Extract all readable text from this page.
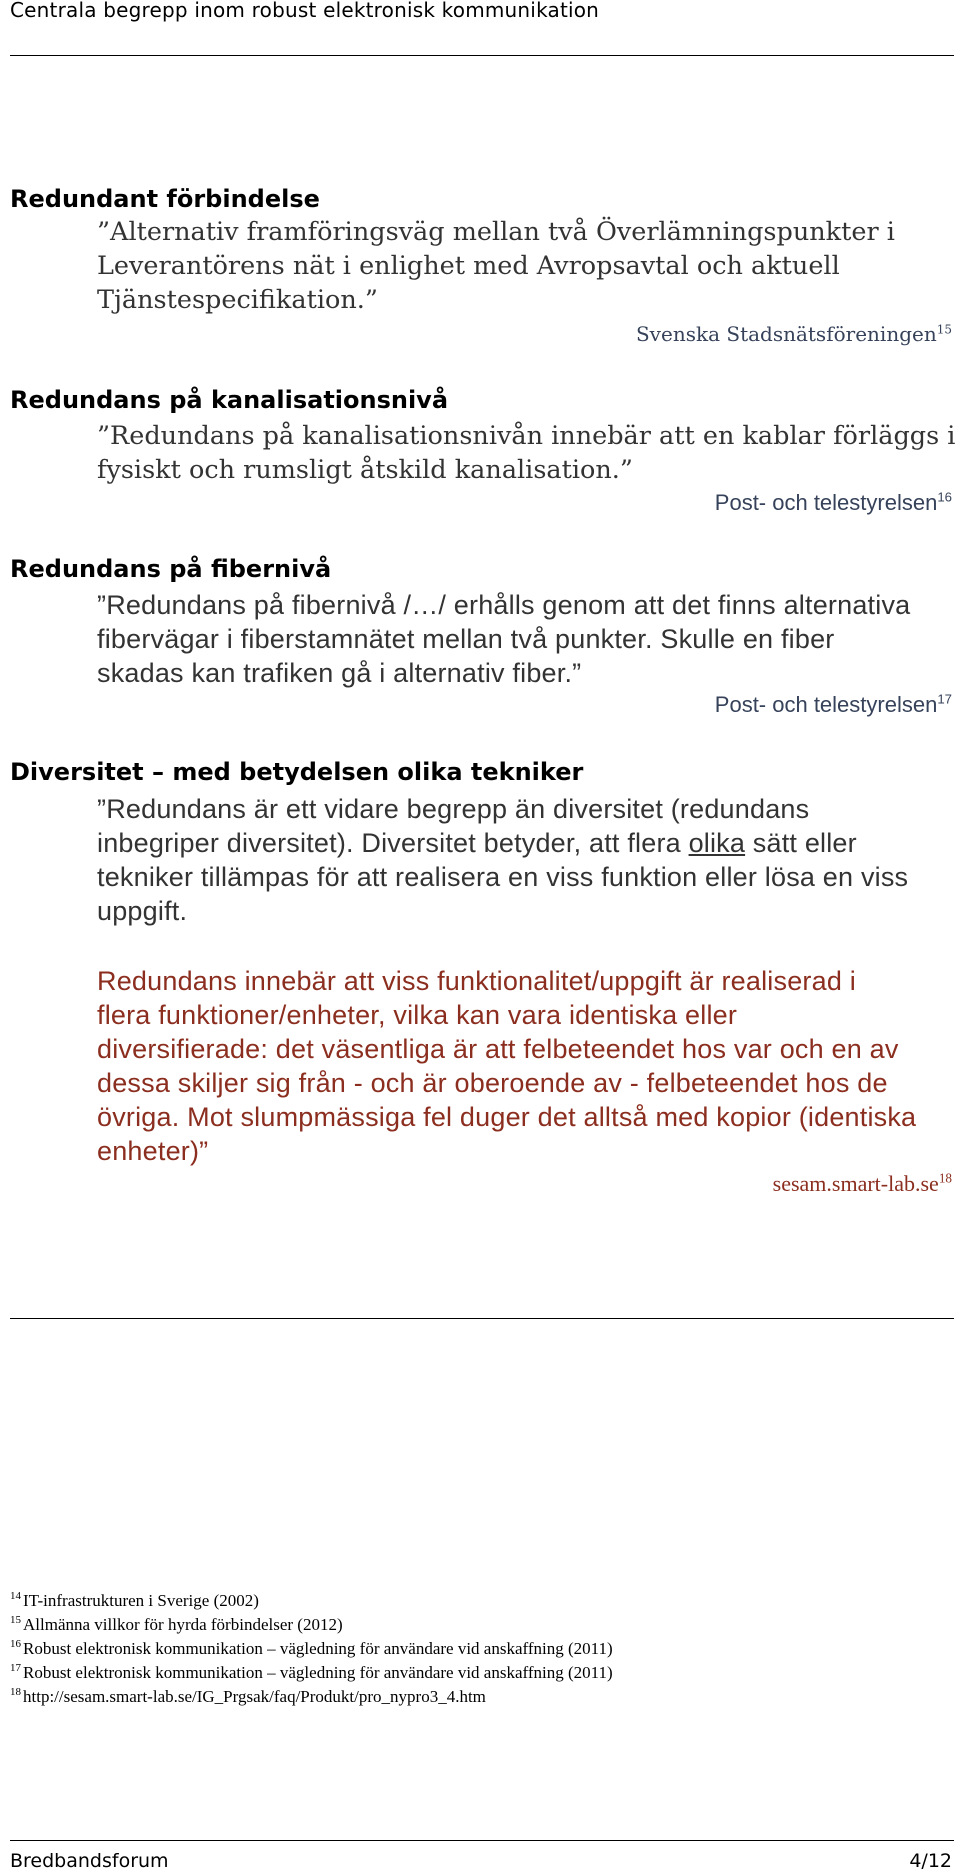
Centrala begrepp inom robust elektronisk kommunikation
Redundant förbindelse
”Alternativ framföringsväg mellan två Överlämningspunkter i
Leverantörens nät i enlighet med Avropsavtal och aktuell
Tjänstespecifikation.”
Svenska Stadsnätsföreningen$^{15}$
Redundans på kanalisationsnivå
”Redundans på kanalisationsnivån innebär att en kablar förläggs i
fysiskt och rumsligt åtskild kanalisation.”
Post- och telestyrelsen$^{16}$
Redundans på fibernivå
”Redundans på fibernivå /…/ erhålls genom att det finns alternativa
fibervägar i fiberstamnätet mellan två punkter. Skulle en fiber
skadas kan trafiken gå i alternativ fiber.”
Post- och telestyrelsen$^{17}$
Diversitet – med betydelsen olika tekniker
”Redundans är ett vidare begrepp än diversitet (redundans
inbegriper diversitet). Diversitet betyder, att flera olika sätt eller
tekniker tillämpas för att realisera en viss funktion eller lösa en viss
uppgift.
Redundans innebär att viss funktionalitet/uppgift är realiserad i
flera funktioner/enheter, vilka kan vara identiska eller
diversifierade: det väsentliga är att felbeteendet hos var och en av
dessa skiljer sig från - och är oberoende av - felbeteendet hos de
övriga. Mot slumpmässiga fel duger det alltså med kopior (identiska
enheter)”
$sesam.smart-lab.se^{18}$
$^{14}$ IT-infrastrukturen i Sverige (2002)
$^{15}$ Allmänna villkor för hyrda förbindelser (2012)
$^{16}$ Robust elektronisk kommunikation – vägledning för användare vid anskaffning (2011)
$^{17}$ Robust elektronisk kommunikation – vägledning för användare vid anskaffning (2011)
$^{18}$ http://sesam.smart-lab.se/IG_Prgsak/faq/Produkt/pro_nypro3_4.htm
Bredbandsforum	4/12
